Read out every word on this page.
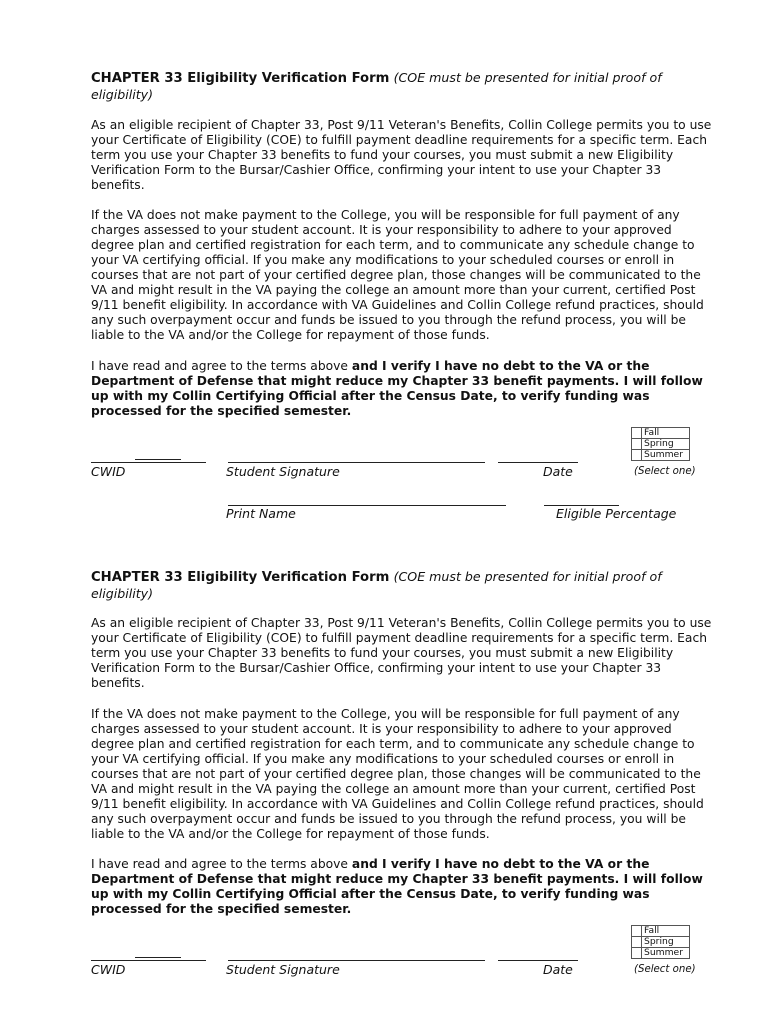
CHAPTER 33 Eligibility Verification Form (COE must be presented for initial proof of eligibility)

As an eligible recipient of Chapter 33, Post 9/11 Veteran's Benefits, Collin College permits you to use your Certificate of Eligibility (COE) to fulfill payment deadline requirements for a specific term. Each term you use your Chapter 33 benefits to fund your courses, you must submit a new Eligibility Verification Form to the Bursar/Cashier Office, confirming your intent to use your Chapter 33 benefits.

If the VA does not make payment to the College, you will be responsible for full payment of any charges assessed to your student account. It is your responsibility to adhere to your approved degree plan and certified registration for each term, and to communicate any schedule change to your VA certifying official. If you make any modifications to your scheduled courses or enroll in courses that are not part of your certified degree plan, those changes will be communicated to the VA and might result in the VA paying the college an amount more than your current, certified Post 9/11 benefit eligibility. In accordance with VA Guidelines and Collin College refund practices, should any such overpayment occur and funds be issued to you through the refund process, you will be liable to the VA and/or the College for repayment of those funds.

I have read and agree to the terms above and I verify I have no debt to the VA or the Department of Defense that might reduce my Chapter 33 benefit payments. I will follow up with my Collin Certifying Official after the Census Date, to verify funding was processed for the specified semester.

	Fall
	Spring
	Summer
CWID	Student Signature	Date	(Select one)
Print Name	Eligible Percentage
CHAPTER 33 Eligibility Verification Form (COE must be presented for initial proof of eligibility)

As an eligible recipient of Chapter 33, Post 9/11 Veteran's Benefits, Collin College permits you to use your Certificate of Eligibility (COE) to fulfill payment deadline requirements for a specific term. Each term you use your Chapter 33 benefits to fund your courses, you must submit a new Eligibility Verification Form to the Bursar/Cashier Office, confirming your intent to use your Chapter 33 benefits.

If the VA does not make payment to the College, you will be responsible for full payment of any charges assessed to your student account. It is your responsibility to adhere to your approved degree plan and certified registration for each term, and to communicate any schedule change to your VA certifying official. If you make any modifications to your scheduled courses or enroll in courses that are not part of your certified degree plan, those changes will be communicated to the VA and might result in the VA paying the college an amount more than your current, certified Post 9/11 benefit eligibility. In accordance with VA Guidelines and Collin College refund practices, should any such overpayment occur and funds be issued to you through the refund process, you will be liable to the VA and/or the College for repayment of those funds.

I have read and agree to the terms above and I verify I have no debt to the VA or the Department of Defense that might reduce my Chapter 33 benefit payments. I will follow up with my Collin Certifying Official after the Census Date, to verify funding was processed for the specified semester.

	Fall
	Spring
	Summer
CWID	Student Signature	Date	(Select one)
